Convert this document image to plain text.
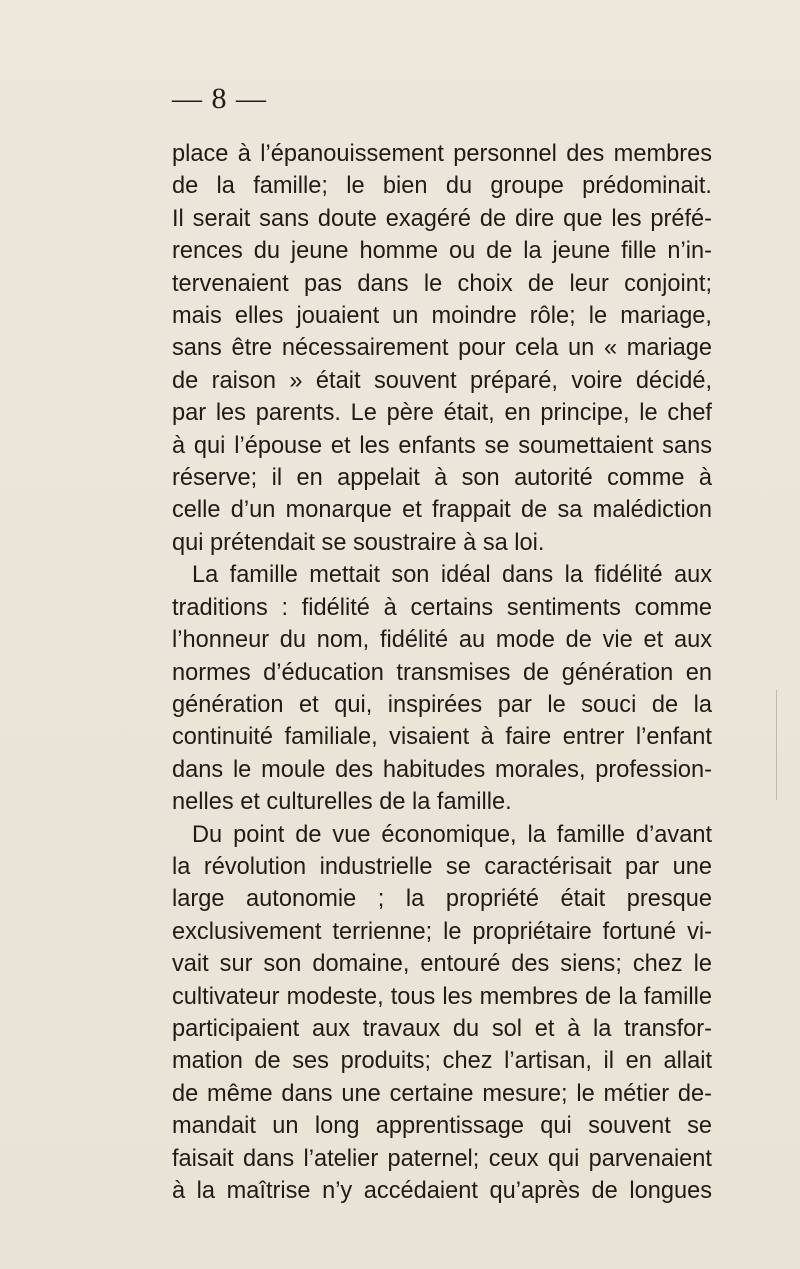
— 8 —
place à l’épanouissement personnel des membres
de la famille; le bien du groupe prédominait.
Il serait sans doute exagéré de dire que les préfé-
rences du jeune homme ou de la jeune fille n’in-
tervenaient pas dans le choix de leur conjoint;
mais elles jouaient un moindre rôle; le mariage,
sans être nécessairement pour cela un « mariage
de raison » était souvent préparé, voire décidé,
par les parents. Le père était, en principe, le chef
à qui l’épouse et les enfants se soumettaient sans
réserve; il en appelait à son autorité comme à
celle d’un monarque et frappait de sa malédiction
qui prétendait se soustraire à sa loi.
La famille mettait son idéal dans la fidélité aux
traditions : fidélité à certains sentiments comme
l’honneur du nom, fidélité au mode de vie et aux
normes d’éducation transmises de génération en
génération et qui, inspirées par le souci de la
continuité familiale, visaient à faire entrer l’enfant
dans le moule des habitudes morales, profession-
nelles et culturelles de la famille.
Du point de vue économique, la famille d’avant
la révolution industrielle se caractérisait par une
large autonomie ; la propriété était presque
exclusivement terrienne; le propriétaire fortuné vi-
vait sur son domaine, entouré des siens; chez le
cultivateur modeste, tous les membres de la famille
participaient aux travaux du sol et à la transfor-
mation de ses produits; chez l’artisan, il en allait
de même dans une certaine mesure; le métier de-
mandait un long apprentissage qui souvent se
faisait dans l’atelier paternel; ceux qui parvenaient
à la maîtrise n’y accédaient qu’après de longues
